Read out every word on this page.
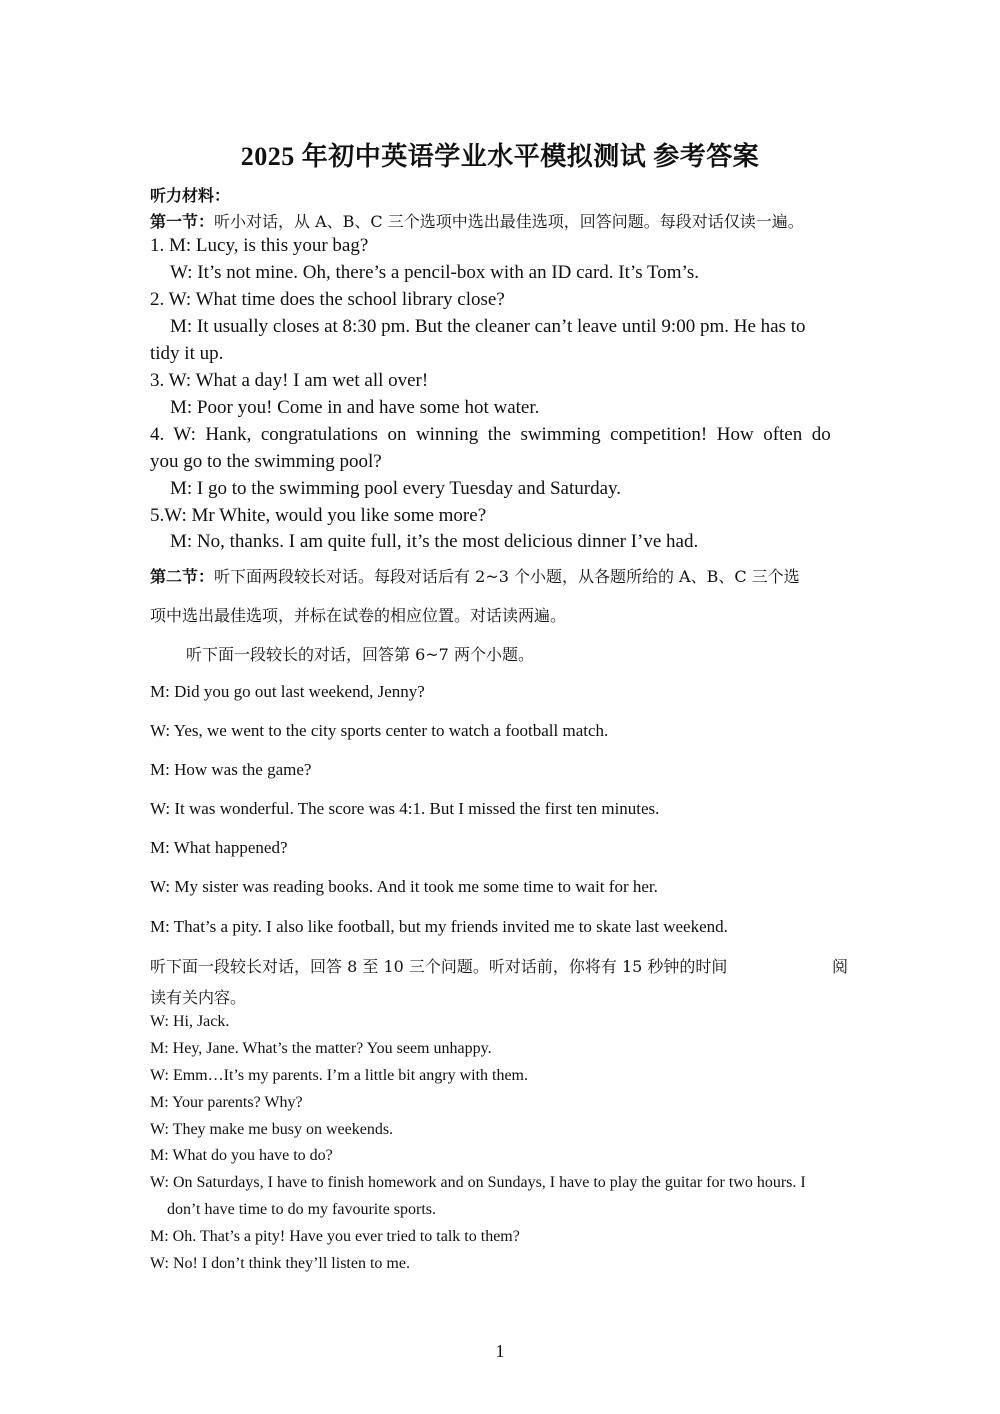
2025 年初中英语学业水平模拟测试 参考答案
听力材料：
第一节：听小对话，从 A、B、C 三个选项中选出最佳选项，回答问题。每段对话仅读一遍。
1. M: Lucy, is this your bag?
W: It’s not mine. Oh, there’s a pencil-box with an ID card. It’s Tom’s.
2. W: What time does the school library close?
M: It usually closes at 8:30 pm. But the cleaner can’t leave until 9:00 pm. He has to
tidy it up.
3. W: What a day! I am wet all over!
M: Poor you! Come in and have some hot water.
4.  W:  Hank,  congratulations  on  winning  the  swimming  competition!  How  often  do
you go to the swimming pool?
M: I go to the swimming pool every Tuesday and Saturday.
5.W: Mr White, would you like some more?
M: No, thanks. I am quite full, it’s the most delicious dinner I’ve had.
第二节：听下面两段较长对话。每段对话后有 2~3 个小题，从各题所给的 A、B、C 三个选
项中选出最佳选项，并标在试卷的相应位置。对话读两遍。
听下面一段较长的对话，回答第 6~7 两个小题。
M: Did you go out last weekend, Jenny?
W: Yes, we went to the city sports center to watch a football match.
M: How was the game?
W: It was wonderful. The score was 4:1. But I missed the first ten minutes.
M: What happened?
W: My sister was reading books. And it took me some time to wait for her.
M: That’s a pity. I also like football, but my friends invited me to skate last weekend.
听下面一段较长对话，回答 8 至 10 三个问题。听对话前，你将有 15 秒钟的时间	阅
读有关内容。
W: Hi, Jack.
M: Hey, Jane. What’s the matter? You seem unhappy.
W: Emm…It’s my parents. I’m a little bit angry with them.
M: Your parents? Why?
W: They make me busy on weekends.
M: What do you have to do?
W: On Saturdays, I have to finish homework and on Sundays, I have to play the guitar for two hours. I
don’t have time to do my favourite sports.
M: Oh. That’s a pity! Have you ever tried to talk to them?
W: No! I don’t think they’ll listen to me.
1
